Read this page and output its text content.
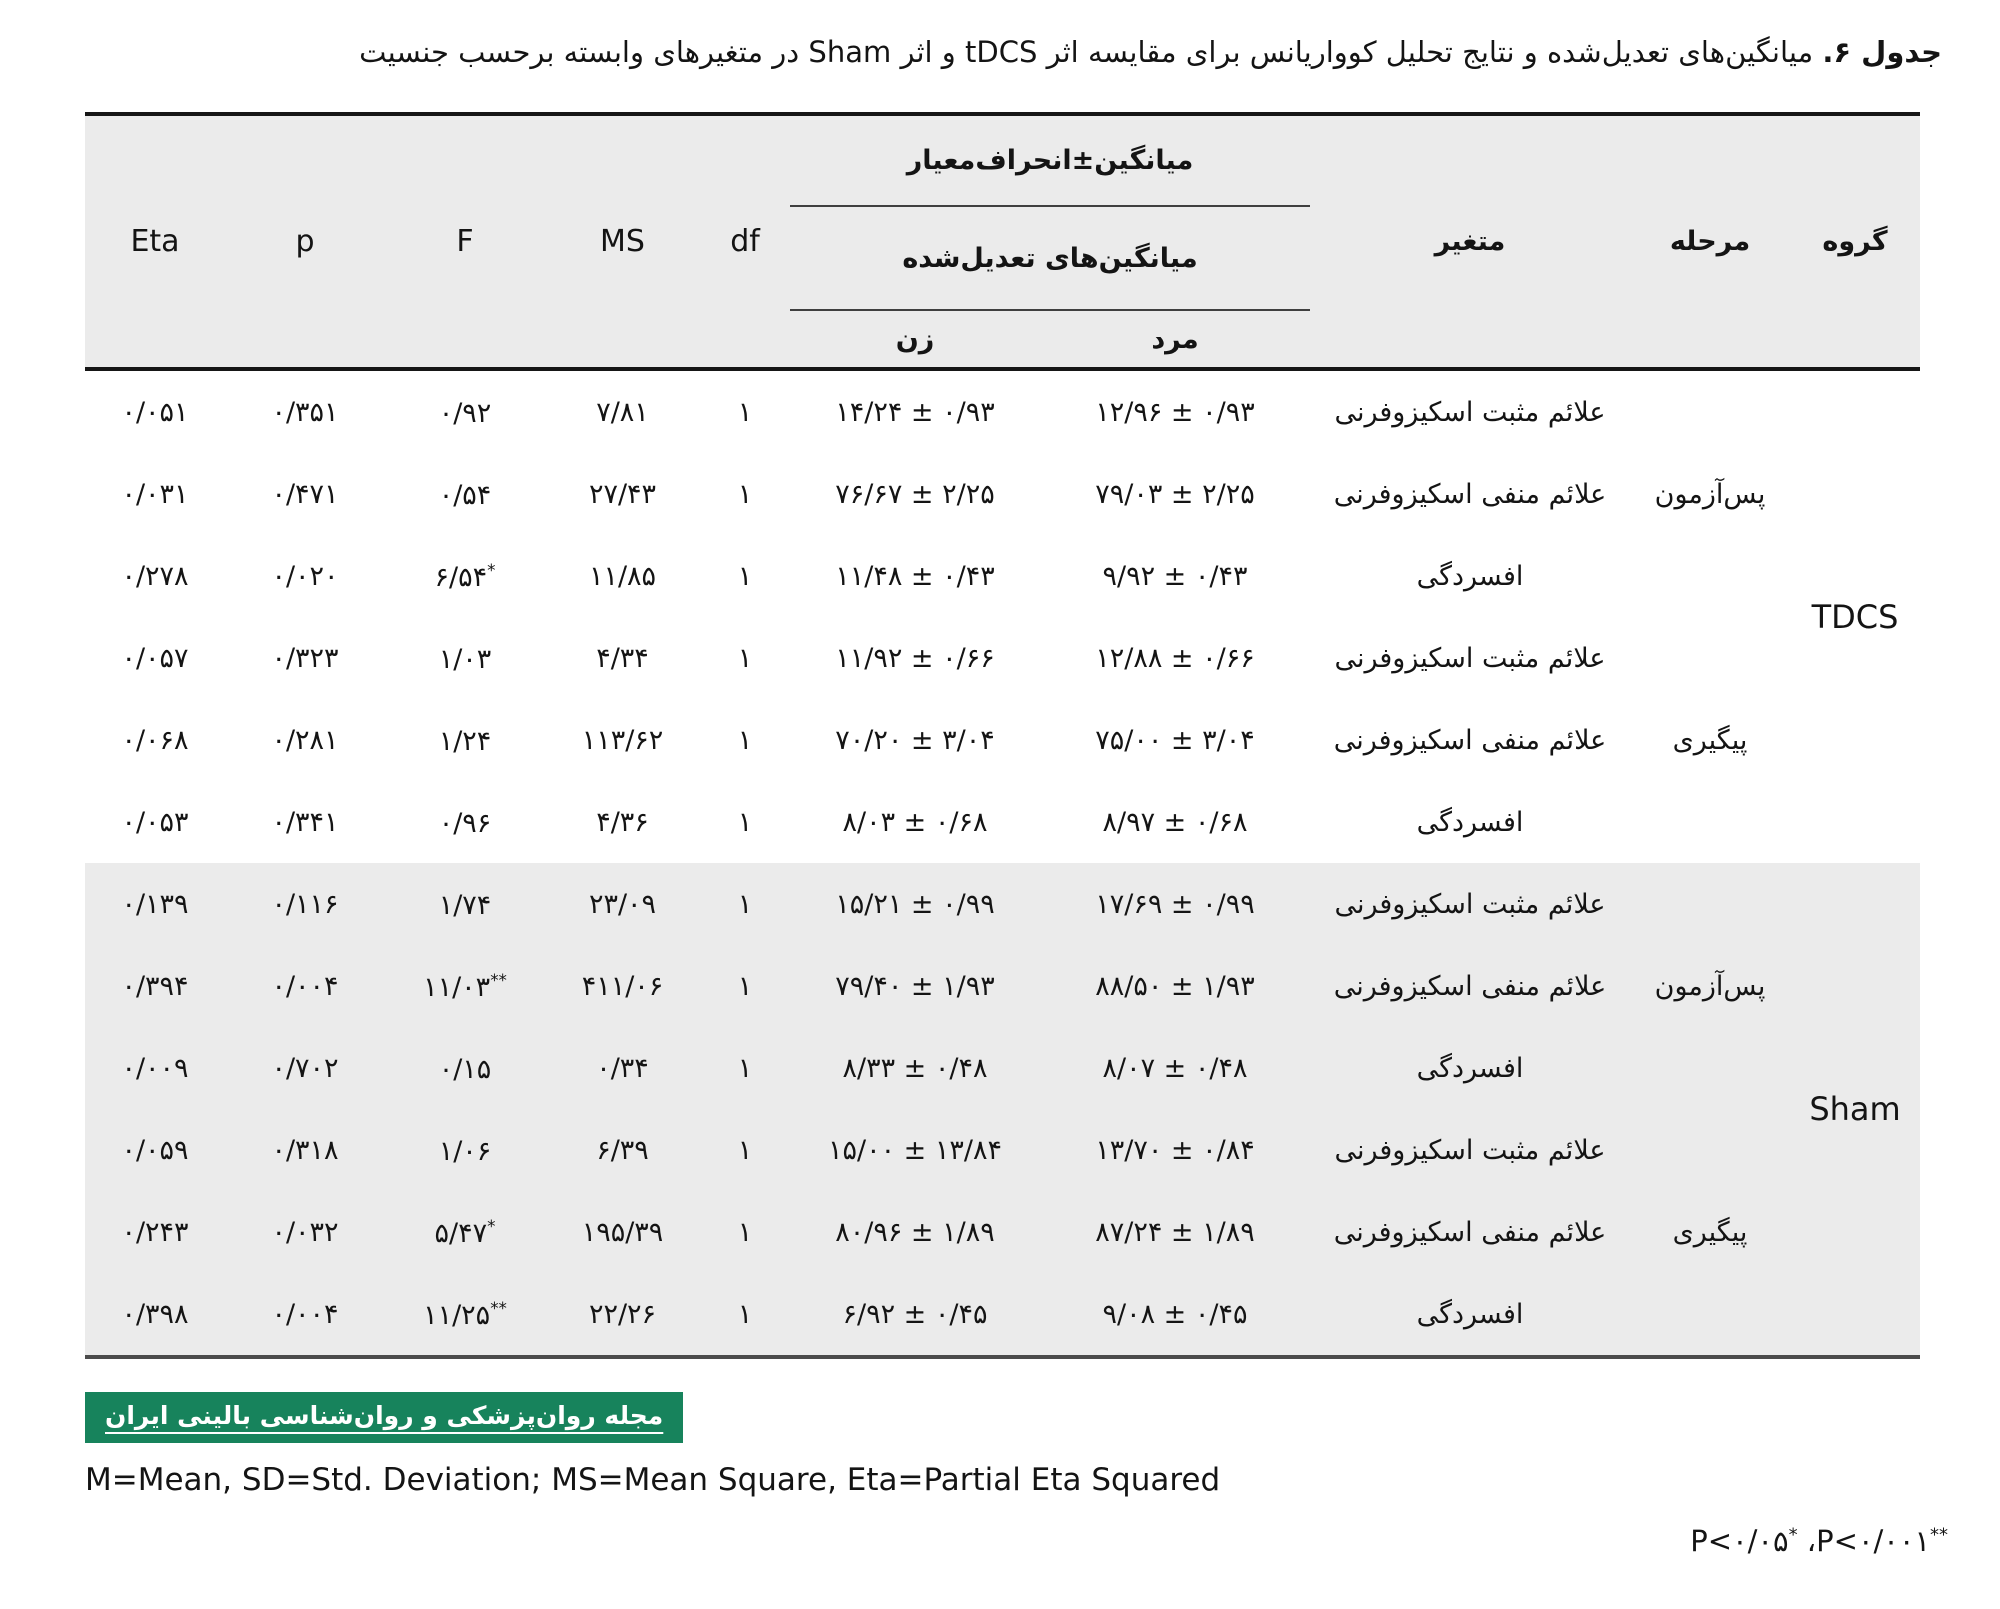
جدول ۶. میانگین‌های تعدیل‌شده و نتایج تحلیل کوواریانس برای مقایسه اثر tDCS و اثر Sham در متغیرهای وابسته برحسب جنسیت
گروه	مرحله	متغیر	میانگین±انحراف‌معیار		df	MS	F	p	Eta
			میانگین‌های تعدیل‌شده						
			مرد	زن					
TDCS	پس‌آزمون	علائم مثبت اسکیزوفرنی	۱۲/۹۶ ± ۰/۹۳	۱۴/۲۴ ± ۰/۹۳	۱	۷/۸۱	۰/۹۲	۰/۳۵۱	۰/۰۵۱
		علائم منفی اسکیزوفرنی	۷۹/۰۳ ± ۲/۲۵	۷۶/۶۷ ± ۲/۲۵	۱	۲۷/۴۳	۰/۵۴	۰/۴۷۱	۰/۰۳۱
		افسردگی	۹/۹۲ ± ۰/۴۳	۱۱/۴۸ ± ۰/۴۳	۱	۱۱/۸۵	۶/۵۴*	۰/۰۲۰	۰/۲۷۸
	پیگیری	علائم مثبت اسکیزوفرنی	۱۲/۸۸ ± ۰/۶۶	۱۱/۹۲ ± ۰/۶۶	۱	۴/۳۴	۱/۰۳	۰/۳۲۳	۰/۰۵۷
		علائم منفی اسکیزوفرنی	۷۵/۰۰ ± ۳/۰۴	۷۰/۲۰ ± ۳/۰۴	۱	۱۱۳/۶۲	۱/۲۴	۰/۲۸۱	۰/۰۶۸
		افسردگی	۸/۹۷ ± ۰/۶۸	۸/۰۳ ± ۰/۶۸	۱	۴/۳۶	۰/۹۶	۰/۳۴۱	۰/۰۵۳
Sham	پس‌آزمون	علائم مثبت اسکیزوفرنی	۱۷/۶۹ ± ۰/۹۹	۱۵/۲۱ ± ۰/۹۹	۱	۲۳/۰۹	۱/۷۴	۰/۱۱۶	۰/۱۳۹
		علائم منفی اسکیزوفرنی	۸۸/۵۰ ± ۱/۹۳	۷۹/۴۰ ± ۱/۹۳	۱	۴۱۱/۰۶	۱۱/۰۳**	۰/۰۰۴	۰/۳۹۴
		افسردگی	۸/۰۷ ± ۰/۴۸	۸/۳۳ ± ۰/۴۸	۱	۰/۳۴	۰/۱۵	۰/۷۰۲	۰/۰۰۹
	پیگیری	علائم مثبت اسکیزوفرنی	۱۳/۷۰ ± ۰/۸۴	۱۵/۰۰ ± ۱۳/۸۴	۱	۶/۳۹	۱/۰۶	۰/۳۱۸	۰/۰۵۹
		علائم منفی اسکیزوفرنی	۸۷/۲۴ ± ۱/۸۹	۸۰/۹۶ ± ۱/۸۹	۱	۱۹۵/۳۹	۵/۴۷*	۰/۰۳۲	۰/۲۴۳
		افسردگی	۹/۰۸ ± ۰/۴۵	۶/۹۲ ± ۰/۴۵	۱	۲۲/۲۶	۱۱/۲۵**	۰/۰۰۴	۰/۳۹۸
مجله روان‌پزشکی و روان‌شناسی بالینی ایران
M=Mean, SD=Std. Deviation; MS=Mean Square, Eta=Partial Eta Squared
P<۰/۰۵* ،P<۰/۰۰۱**
